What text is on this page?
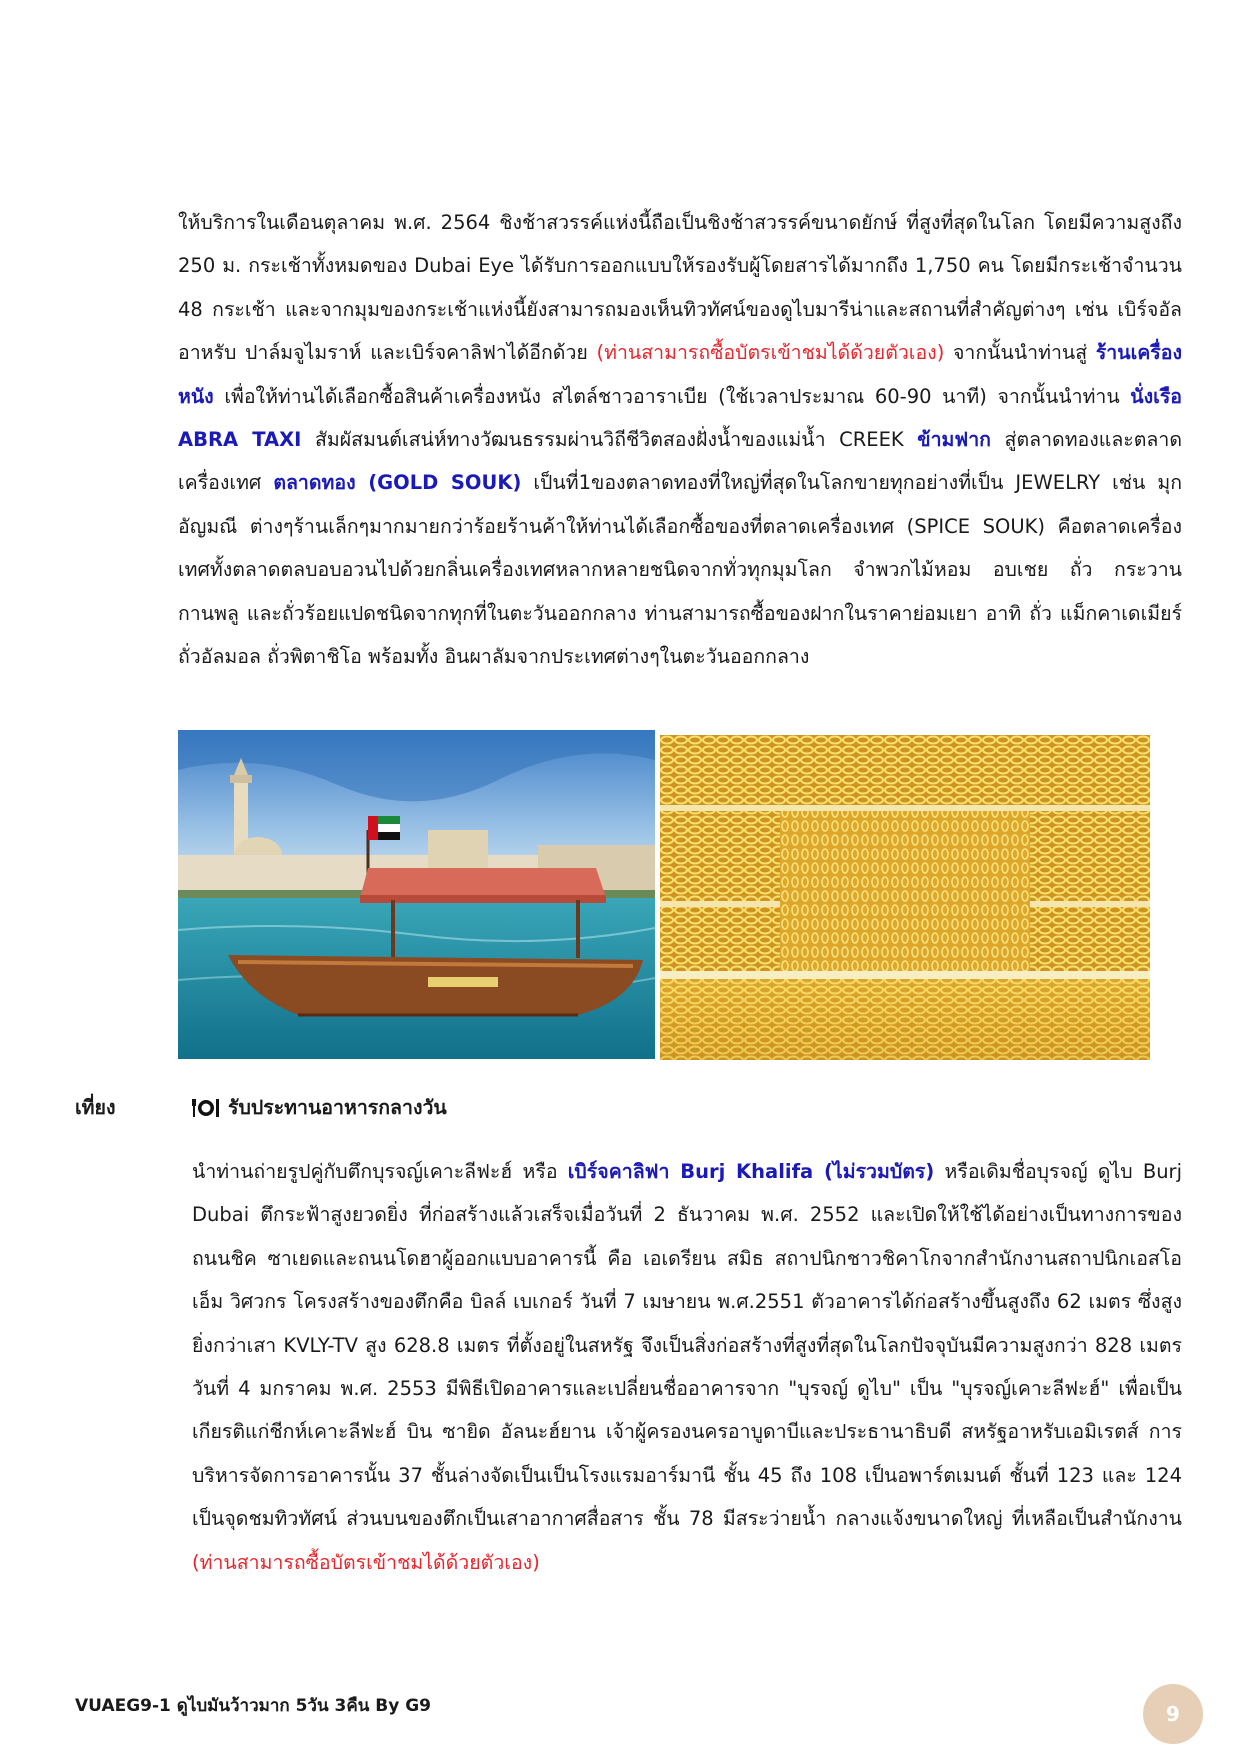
ให้บริการในเดือนตุลาคม พ.ศ. 2564 ชิงช้าสวรรค์แห่งนี้ถือเป็นชิงช้าสวรรค์ขนาดยักษ์ ที่สูงที่สุดในโลก โดยมีความสูงถึง 250 ม. กระเช้าทั้งหมดของ Dubai Eye ได้รับการออกแบบให้รองรับผู้โดยสารได้มากถึง 1,750 คน โดยมีกระเช้าจำนวน 48 กระเช้า และจากมุมของกระเช้าแห่งนี้ยังสามารถมองเห็นทิวทัศน์ของดูไบมารีน่าและสถานที่สำคัญต่างๆ เช่น เบิร์จอัลอาหรับ ปาล์มจูไมราห์ และเบิร์จคาลิฟาได้อีกด้วย (ท่านสามารถซื้อบัตรเข้าชมได้ด้วยตัวเอง) จากนั้นนำท่านสู่ ร้านเครื่องหนัง เพื่อให้ท่านได้เลือกซื้อสินค้าเครื่องหนัง สไตล์ชาวอาราเบีย (ใช้เวลาประมาณ 60-90 นาที) จากนั้นนำท่าน นั่งเรือ ABRA TAXI สัมผัสมนต์เสน่ห์ทางวัฒนธรรมผ่านวิถีชีวิตสองฝั่งน้ำของแม่น้ำ CREEK ข้ามฟาก สู่ตลาดทองและตลาดเครื่องเทศ ตลาดทอง (GOLD SOUK) เป็นที่1ของตลาดทองที่ใหญ่ที่สุดในโลกขายทุกอย่างที่เป็น JEWELRY เช่น มุกอัญมณี ต่างๆร้านเล็กๆมากมายกว่าร้อยร้านค้าให้ท่านได้เลือกซื้อของที่ตลาดเครื่องเทศ (SPICE SOUK) คือตลาดเครื่องเทศทั้งตลาดตลบอบอวนไปด้วยกลิ่นเครื่องเทศหลากหลายชนิดจากทั่วทุกมุมโลก จำพวกไม้หอม อบเชย ถั่ว กระวาน กานพลู และถั่วร้อยแปดชนิดจากทุกที่ในตะวันออกกลาง ท่านสามารถซื้อของฝากในราคาย่อมเยา อาทิ ถั่ว แม็กคาเดเมียร์ ถั่วอัลมอล ถั่วพิตาชิโอ พร้อมทั้ง อินผาลัมจากประเทศต่างๆในตะวันออกกลาง

เที่ยง	รับประทานอาหารกลางวัน

นำท่านถ่ายรูปคู่กับตึกบุรจญ์เคาะลีฟะฮ์ หรือ เบิร์จคาลิฟา Burj Khalifa (ไม่รวมบัตร) หรือเดิมชื่อบุรจญ์ ดูไบ Burj Dubai ตึกระฟ้าสูงยวดยิ่ง ที่ก่อสร้างแล้วเสร็จเมื่อวันที่ 2 ธันวาคม พ.ศ. 2552 และเปิดให้ใช้ได้อย่างเป็นทางการของถนนชิค ซาเยดและถนนโดฮาผู้ออกแบบอาคารนี้ คือ เอเดรียน สมิธ สถาปนิกชาวชิคาโกจากสำนักงานสถาปนิกเอสโอเอ็ม วิศวกร โครงสร้างของตึกคือ บิลล์ เบเกอร์ วันที่ 7 เมษายน พ.ศ.2551 ตัวอาคารได้ก่อสร้างขึ้นสูงถึง 62 เมตร ซึ่งสูง ยิ่งกว่าเสา KVLY-TV สูง 628.8 เมตร ที่ตั้งอยู่ในสหรัฐ จึงเป็นสิ่งก่อสร้างที่สูงที่สุดในโลกปัจจุบันมีความสูงกว่า 828 เมตร วันที่ 4 มกราคม พ.ศ. 2553 มีพิธีเปิดอาคารและเปลี่ยนชื่ออาคารจาก "บุรจญ์ ดูไบ" เป็น "บุรจญ์เคาะลีฟะฮ์" เพื่อเป็นเกียรติแก่ชีกห์เคาะลีฟะฮ์ บิน ซายิด อัลนะฮ์ยาน เจ้าผู้ครองนครอาบูดาบีและประธานาธิบดี สหรัฐอาหรับเอมิเรตส์ การบริหารจัดการอาคารนั้น 37 ชั้นล่างจัดเป็นเป็นโรงแรมอาร์มานี ชั้น 45 ถึง 108 เป็นอพาร์ตเมนต์ ชั้นที่ 123 และ 124 เป็นจุดชมทิวทัศน์ ส่วนบนของตึกเป็นเสาอากาศสื่อสาร ชั้น 78 มีสระว่ายน้ำ กลางแจ้งขนาดใหญ่ ที่เหลือเป็นสำนักงาน (ท่านสามารถซื้อบัตรเข้าชมได้ด้วยตัวเอง)

VUAEG9-1 ดูไบมันว้าวมาก 5วัน 3คืน By G9	9
